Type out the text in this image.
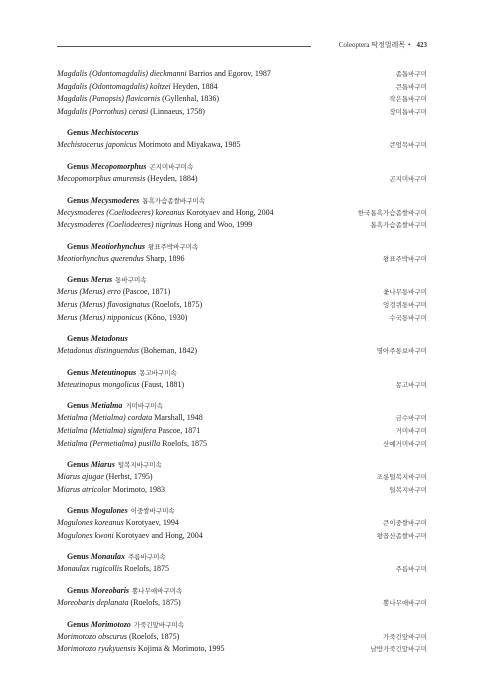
Coleoptera 딱정벌레목 • 423
Magdalis (Odontomagdalis) dieckmanni Barrios and Egorov, 1987	좀톱바구미
Magdalis (Odontomagdalis) koltzei Heyden, 1884	큰톱바구미
Magdalis (Panopsis) flavicornis (Gyllenhal, 1836)	작은톱바구미
Magdalis (Porrothus) cerasi (Linnaeus, 1758)	장미톱바구미
Genus Mechistocerus
Mechistocerus japonicus Morimoto and Miyakawa, 1985	큰엄목바구미
Genus Mecopomorphus 곤지미바구미속
Mecopomorphus amurensis (Heyden, 1884)	곤지미바구미
Genus Mecysmoderes 톱흑가슴좀쌀바구미속
Mecysmoderes (Coeliodeeres) koreanus Korotyaev and Hong, 2004	한국톱흑가슴좀쌀바구미
Mecysmoderes (Coeliodeeres) nigrinus Hong and Woo, 1999	톱흑가슴좀쌀바구미
Genus Meotiorhynchus 왕표주박바구미속
Meotiorhynchus querendus Sharp, 1896	왕표주박바구미
Genus Merus 통바구미속
Merus (Merus) erro (Pascoe, 1871)	옻나무통바구미
Merus (Merus) flavosignatus (Roelofs, 1875)	엉겅퀴통바구미
Merus (Merus) nipponicus (Kôno, 1930)	수국통바구미
Genus Metadonus
Metadonus distinguendus (Boheman, 1842)	명아주통보바구미
Genus Meteutinopus 몽고바구미속
Meteutinopus mongolicus (Faust, 1881)	몽고바구미
Genus Metialma 거미바구미속
Metialma (Metialma) cordata Marshall, 1948	금수바구미
Metialma (Metialma) signifera Pascoe, 1871	거미바구미
Metialma (Permetialma) pusilla Roelofs, 1875	산예거미바구미
Genus Miarus 털복지바구미속
Miarus ajugae (Herbst, 1795)	조롱털복지바구미
Miarus atricolor Morimoto, 1983	털복지바구미
Genus Mogulones 이중쌀바구미속
Mogulones koreanus Korotyaev, 1994	큰이중쌀바구미
Mogulones kwoni Korotyaev and Hong, 2004	왕꼽산좀쌀바구미
Genus Monaulax 주름바구미속
Monaulax rugicollis Roelofs, 1875	주름바구미
Genus Moreobaris 뽕나무애바구미속
Moreobaris deplanata (Roelofs, 1875)	뽕나무애바구미
Genus Morimotozo 가죽긴앞바구미속
Morimotozo obscurus (Roelofs, 1875)	가죽긴앞바구미
Morimotozo ryukyuensis Kojima & Morimoto, 1995	남방가죽긴앞바구미
